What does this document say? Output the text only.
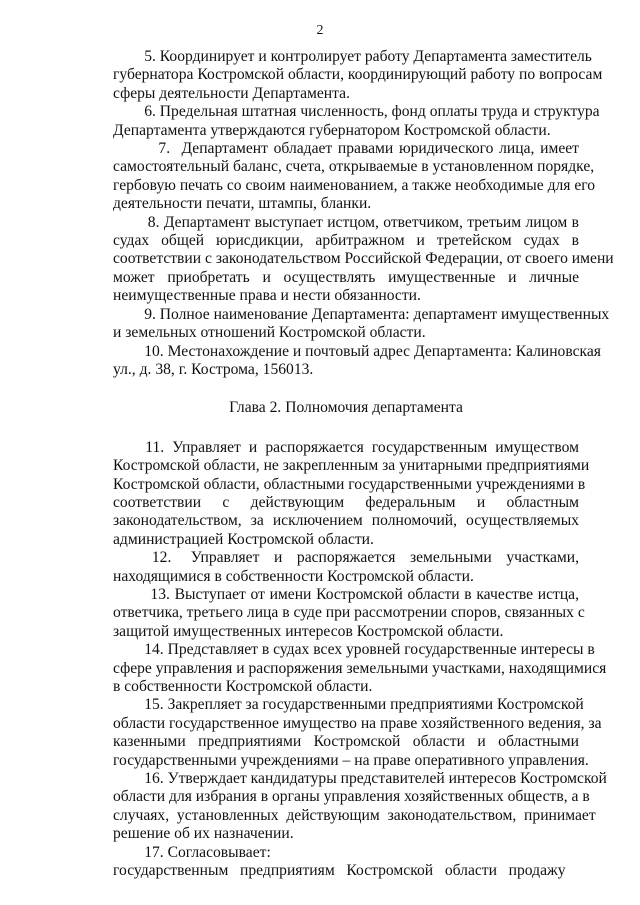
2

5. Координирует и контролирует работу Департамента заместитель
губернатора Костромской области, координирующий работу по вопросам
сферы деятельности Департамента.

6. Предельная штатная численность, фонд оплаты труда и структура
Департамента утверждаются губернатором Костромской области.

7.  Департамент обладает правами юридического лица, имеет
самостоятельный баланс, счета, открываемые в установленном порядке,
гербовую печать со своим наименованием, а также необходимые для его
деятельности печати, штампы, бланки.

8. Департамент выступает истцом, ответчиком, третьим лицом в
судах  общей  юрисдикции,  арбитражном  и  третейском  судах  в
соответствии с законодательством Российской Федерации, от своего имени
может  приобретать  и  осуществлять  имущественные  и  личные
неимущественные права и нести обязанности.

9. Полное наименование Департамента: департамент имущественных
и земельных отношений Костромской области.

10. Местонахождение и почтовый адрес Департамента: Калиновская
ул., д. 38, г. Кострома, 156013.

Глава 2. Полномочия департамента

11.  Управляет  и  распоряжается  государственным  имуществом
Костромской области, не закрепленным за унитарными предприятиями
Костромской области, областными государственными учреждениями в
соответствии  с  действующим  федеральным  и  областным
законодательством,  за  исключением  полномочий,  осуществляемых
администрацией Костромской области.

12.    Управляет   и   распоряжается   земельными   участками,
находящимися в собственности Костромской области.

13. Выступает от имени Костромской области в качестве истца,
ответчика, третьего лица в суде при рассмотрении споров, связанных с
защитой имущественных интересов Костромской области.

14. Представляет в судах всех уровней государственные интересы в
сфере управления и распоряжения земельными участками, находящимися
в собственности Костромской области.

15. Закрепляет за государственными предприятиями Костромской
области государственное имущество на праве хозяйственного ведения, за
казенными  предприятиями  Костромской  области  и  областными
государственными учреждениями – на праве оперативного управления.

16. Утверждает кандидатуры представителей интересов Костромской
области для избрания в органы управления хозяйственных обществ, а в
случаях,  установленных  действующим  законодательством,  принимает
решение об их назначении.

17. Согласовывает:

государственным   предприятиям   Костромской   области   продажу
